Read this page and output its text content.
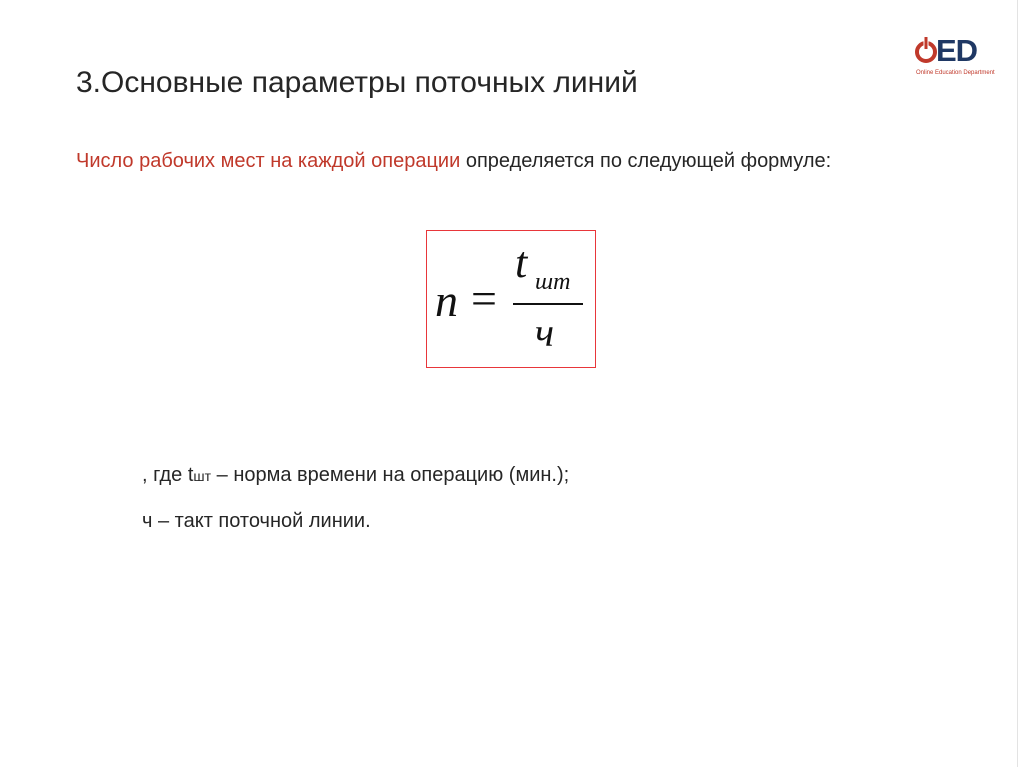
ED
Online Education Department
3.Основные параметры поточных линий
Число рабочих мест на каждой операции определяется по следующей формуле:
n =
t шт
ч
, где tшт – норма времени на операцию (мин.);
ч – такт поточной линии.
